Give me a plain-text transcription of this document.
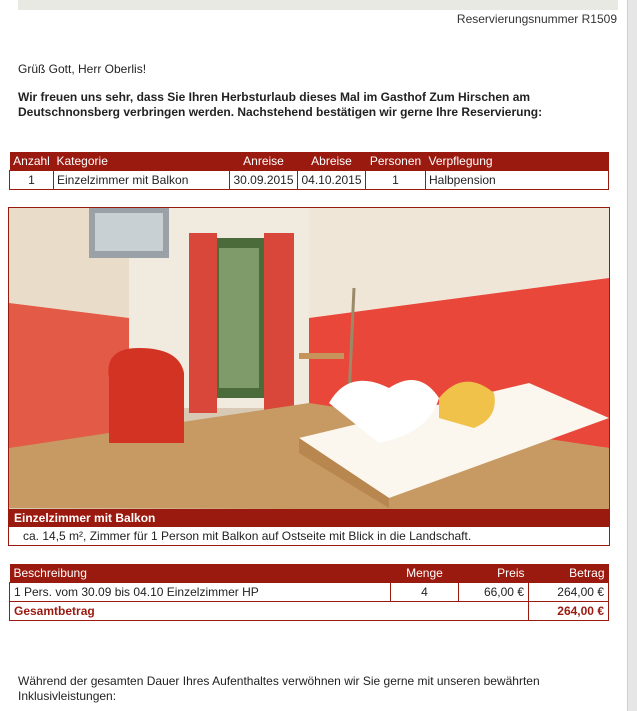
Reservierungsnummer R1509
Grüß Gott, Herr Oberlis!
Wir freuen uns sehr, dass Sie Ihren Herbsturlaub dieses Mal im Gasthof Zum Hirschen am Deutschnonsberg verbringen werden. Nachstehend bestätigen wir gerne Ihre Reservierung:
Anzahl	Kategorie	Anreise	Abreise	Personen	Verpflegung
1	Einzelzimmer mit Balkon	30.09.2015	04.10.2015	1	Halbpension
Einzelzimmer mit Balkon
ca. 14,5 m², Zimmer für 1 Person mit Balkon auf Ostseite mit Blick in die Landschaft.
Beschreibung	Menge	Preis	Betrag
1 Pers. vom 30.09 bis 04.10 Einzelzimmer HP	4	66,00 €	264,00 €
Gesamtbetrag			264,00 €
Während der gesamten Dauer Ihres Aufenthaltes verwöhnen wir Sie gerne mit unseren bewährten Inklusivleistungen:
